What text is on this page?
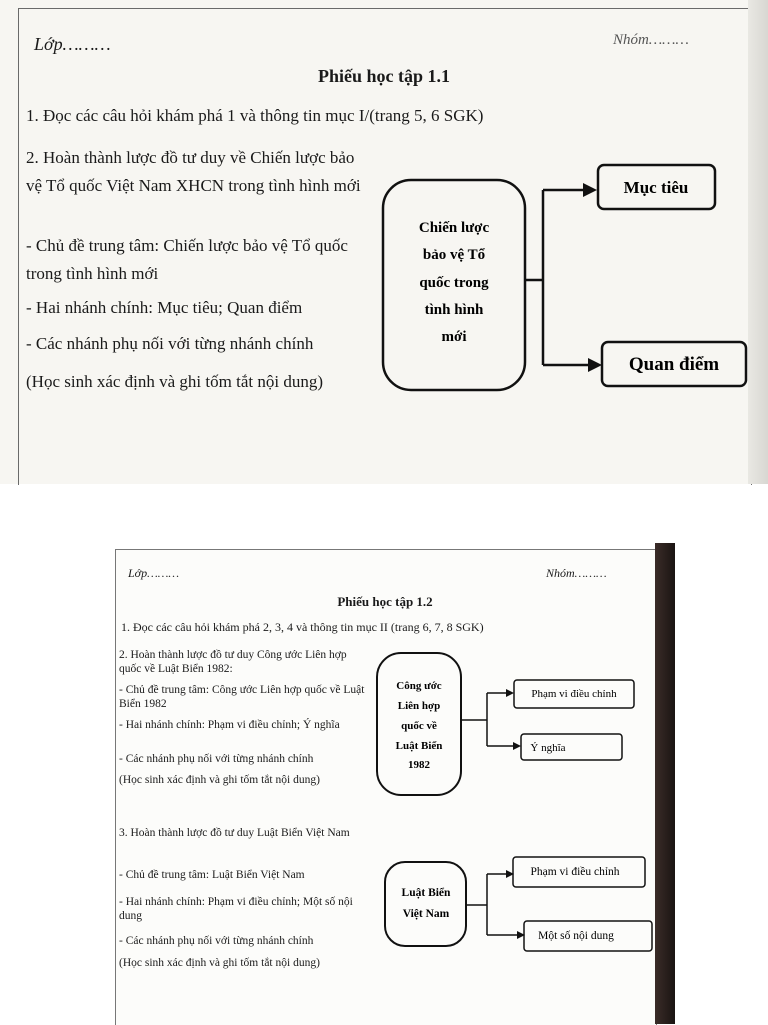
Lớp………	Nhóm………
Phiếu học tập 1.1
1. Đọc các câu hỏi khám phá 1 và thông tin mục I/(trang 5, 6 SGK)
2. Hoàn thành lược đồ tư duy về Chiến lược bảo vệ Tổ quốc Việt Nam XHCN trong tình hình mới
- Chủ đề trung tâm: Chiến lược bảo vệ Tổ quốc trong tình hình mới
- Hai nhánh chính: Mục tiêu; Quan điểm
- Các nhánh phụ nối với từng nhánh chính
(Học sinh xác định và ghi tốm tắt nội dung)
Lớp………	Nhóm………
Phiếu học tập 1.2
1. Đọc các câu hỏi khám phá 2, 3, 4 và thông tin mục II (trang 6, 7, 8 SGK)
2. Hoàn thành lược đồ tư duy Công ước Liên hợp quốc về Luật Biển 1982:
- Chủ đề trung tâm: Công ước Liên hợp quốc về Luật Biển 1982
- Hai nhánh chính: Phạm vi điều chỉnh; Ý nghĩa
- Các nhánh phụ nối với từng nhánh chính
(Học sinh xác định và ghi tốm tắt nội dung)
3. Hoàn thành lược đồ tư duy Luật Biển Việt Nam
- Chủ đề trung tâm: Luật Biển Việt Nam
- Hai nhánh chính: Phạm vi điều chỉnh; Một số nội dung
- Các nhánh phụ nối với từng nhánh chính
(Học sinh xác định và ghi tốm tắt nội dung)
Chiến lược
bảo vệ Tổ
quốc trong
tình hình
mới
Mục tiêu
Quan điểm
Công ước
Liên hợp
quốc về
Luật Biển
1982
Phạm vi điều chỉnh
Ý nghĩa
Luật Biển
Việt Nam
Phạm vi điều chỉnh
Một số nội dung
